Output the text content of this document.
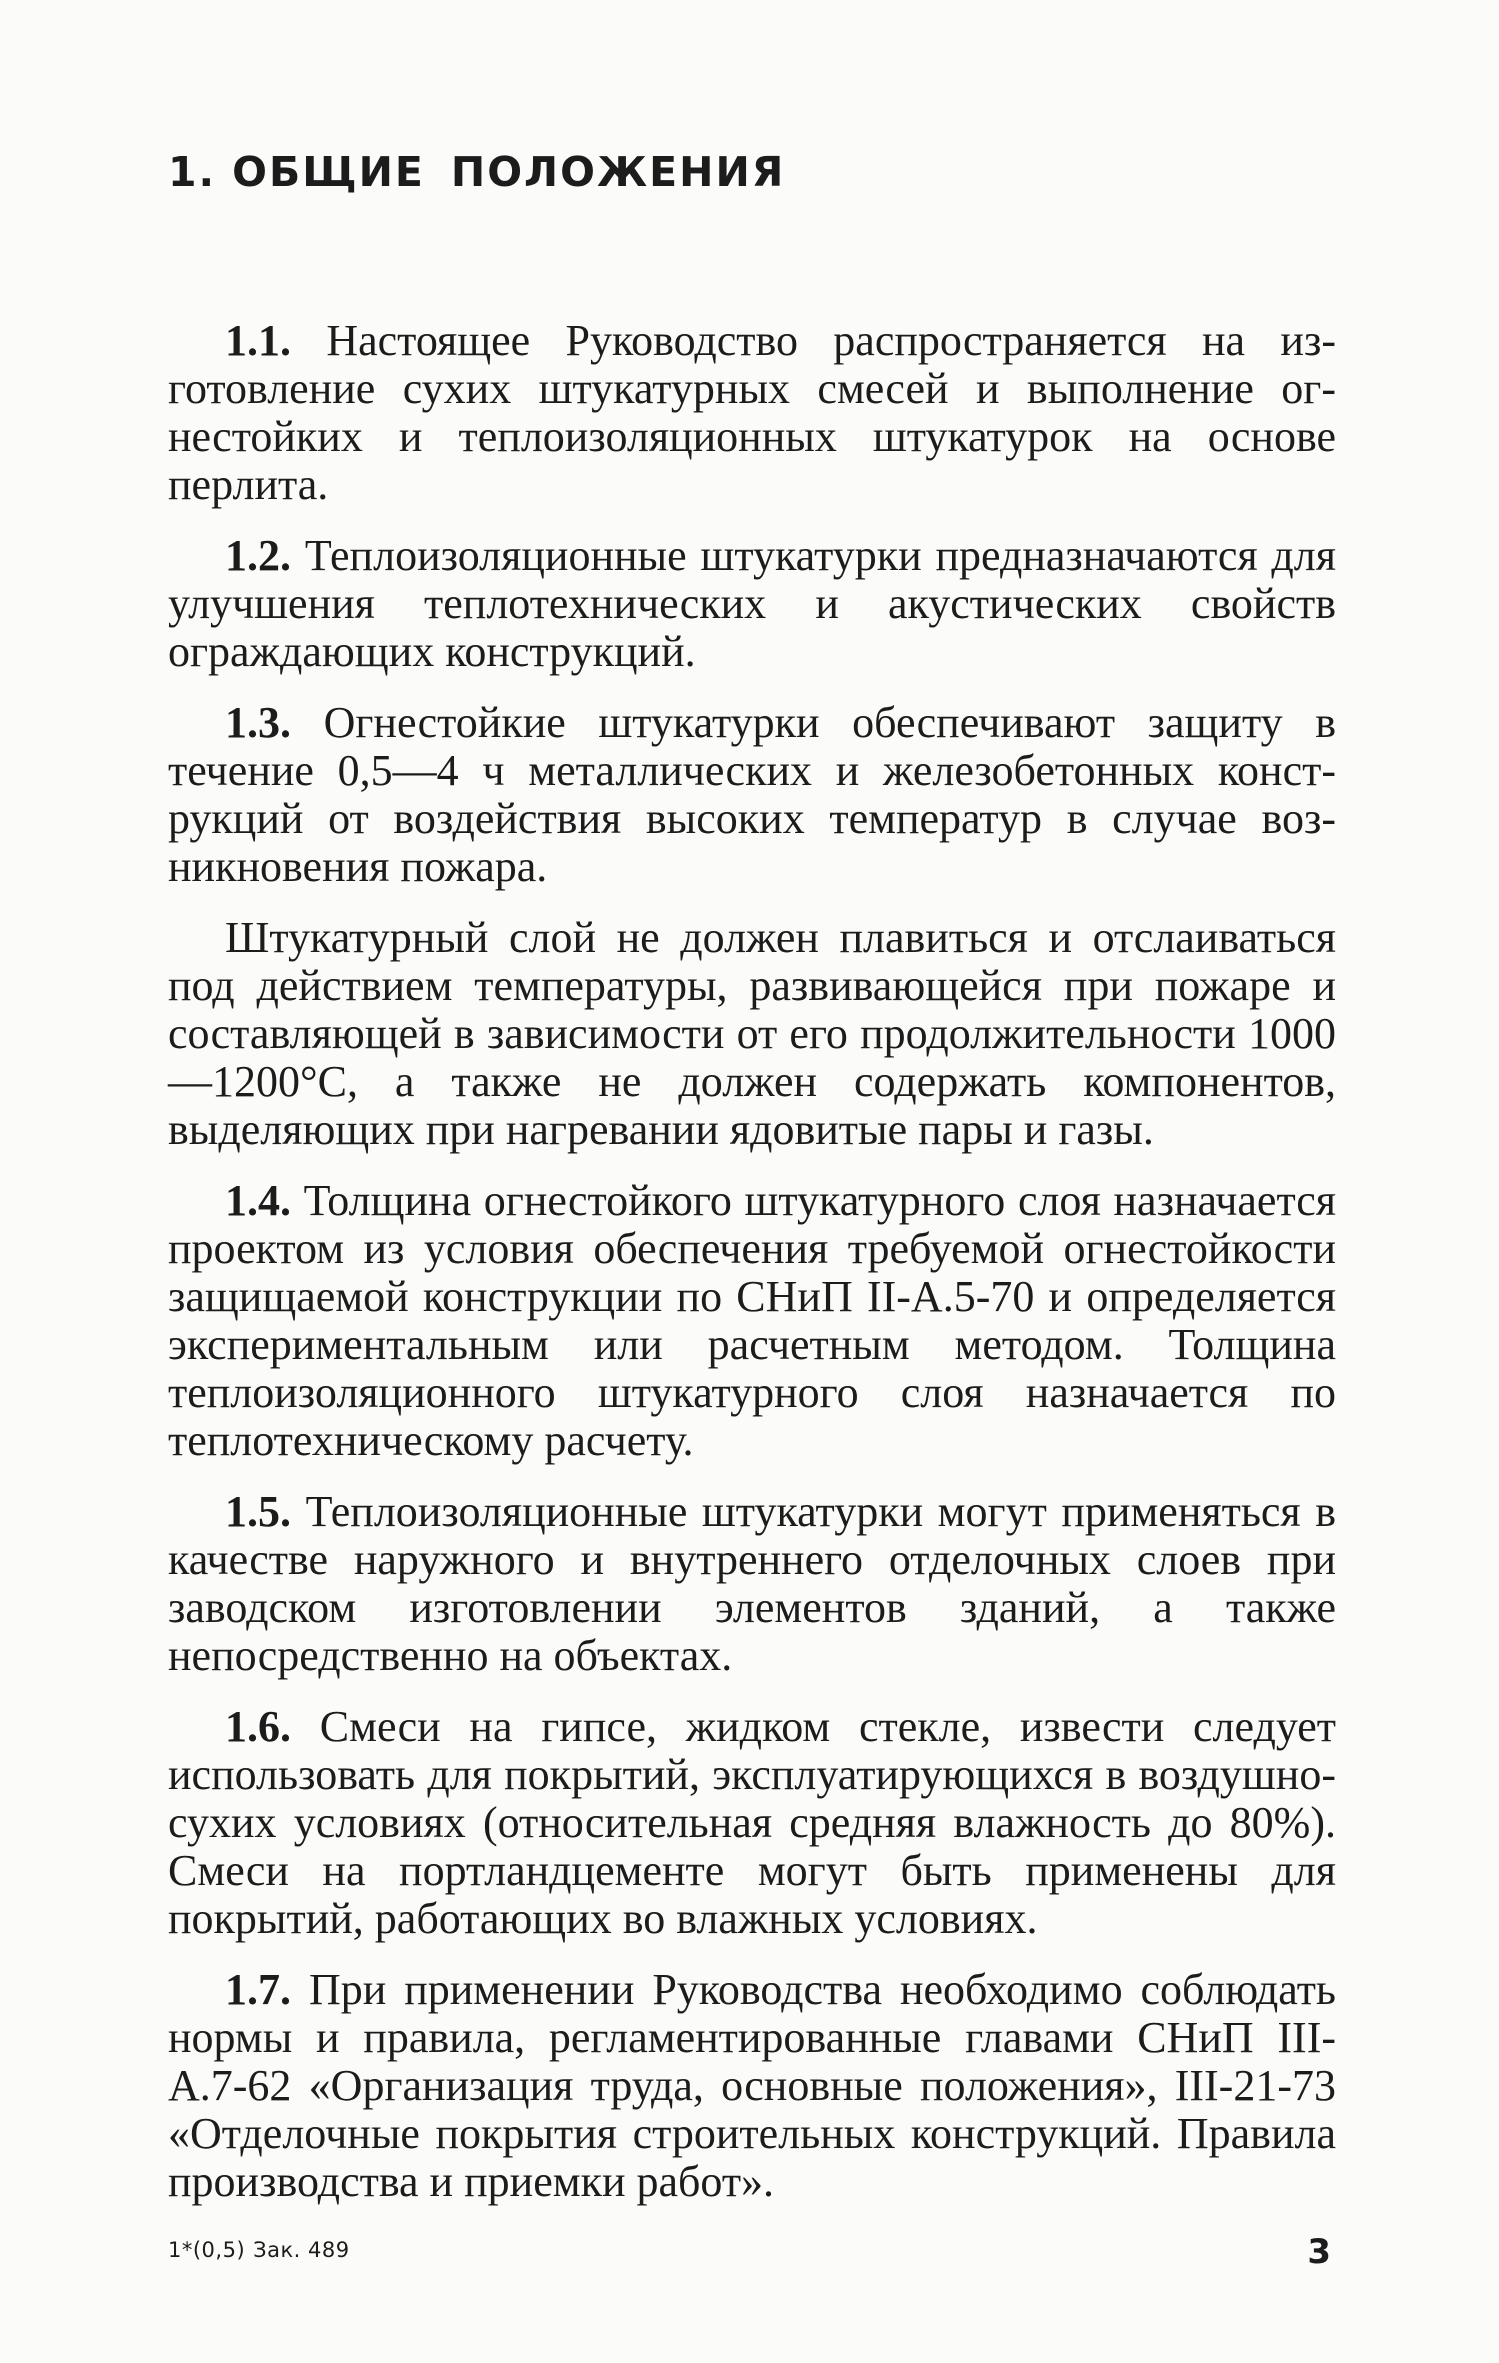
1. ОБЩИЕ ПОЛОЖЕНИЯ

1.1. Настоящее Руководство распространяется на изготовление сухих штукатурных смесей и выполнение огнестойких и теплоизоляционных штукатурок на основе перлита.

1.2. Теплоизоляционные штукатурки предназначаются для улучшения теплотехнических и акустических свойств ограждающих конструкций.

1.3. Огнестойкие штукатурки обеспечивают защиту в течение 0,5—4 ч металлических и железобетонных конструкций от воздействия высоких температур в случае возникновения пожара.

Штукатурный слой не должен плавиться и отслаиваться под действием температуры, развивающейся при пожаре и составляющей в зависимости от его продолжительности 1000—1200°С, а также не должен содержать компонентов, выделяющих при нагревании ядовитые пары и газы.

1.4. Толщина огнестойкого штукатурного слоя назначается проектом из условия обеспечения требуемой огнестойкости защищаемой конструкции по СНиП II-А.5-70 и определяется экспериментальным или расчетным методом. Толщина теплоизоляционного штукатурного слоя назначается по теплотехническому расчету.

1.5. Теплоизоляционные штукатурки могут применяться в качестве наружного и внутреннего отделочных слоев при заводском изготовлении элементов зданий, а также непосредственно на объектах.

1.6. Смеси на гипсе, жидком стекле, извести следует использовать для покрытий, эксплуатирующихся в воздушно-сухих условиях (относительная средняя влажность до 80%). Смеси на портландцементе могут быть применены для покрытий, работающих во влажных условиях.

1.7. При применении Руководства необходимо соблюдать нормы и правила, регламентированные главами СНиП III-А.7-62 «Организация труда, основные положения», III-21-73 «Отделочные покрытия строительных конструкций. Правила производства и приемки работ».

1*(0,5) Зак. 489	3
